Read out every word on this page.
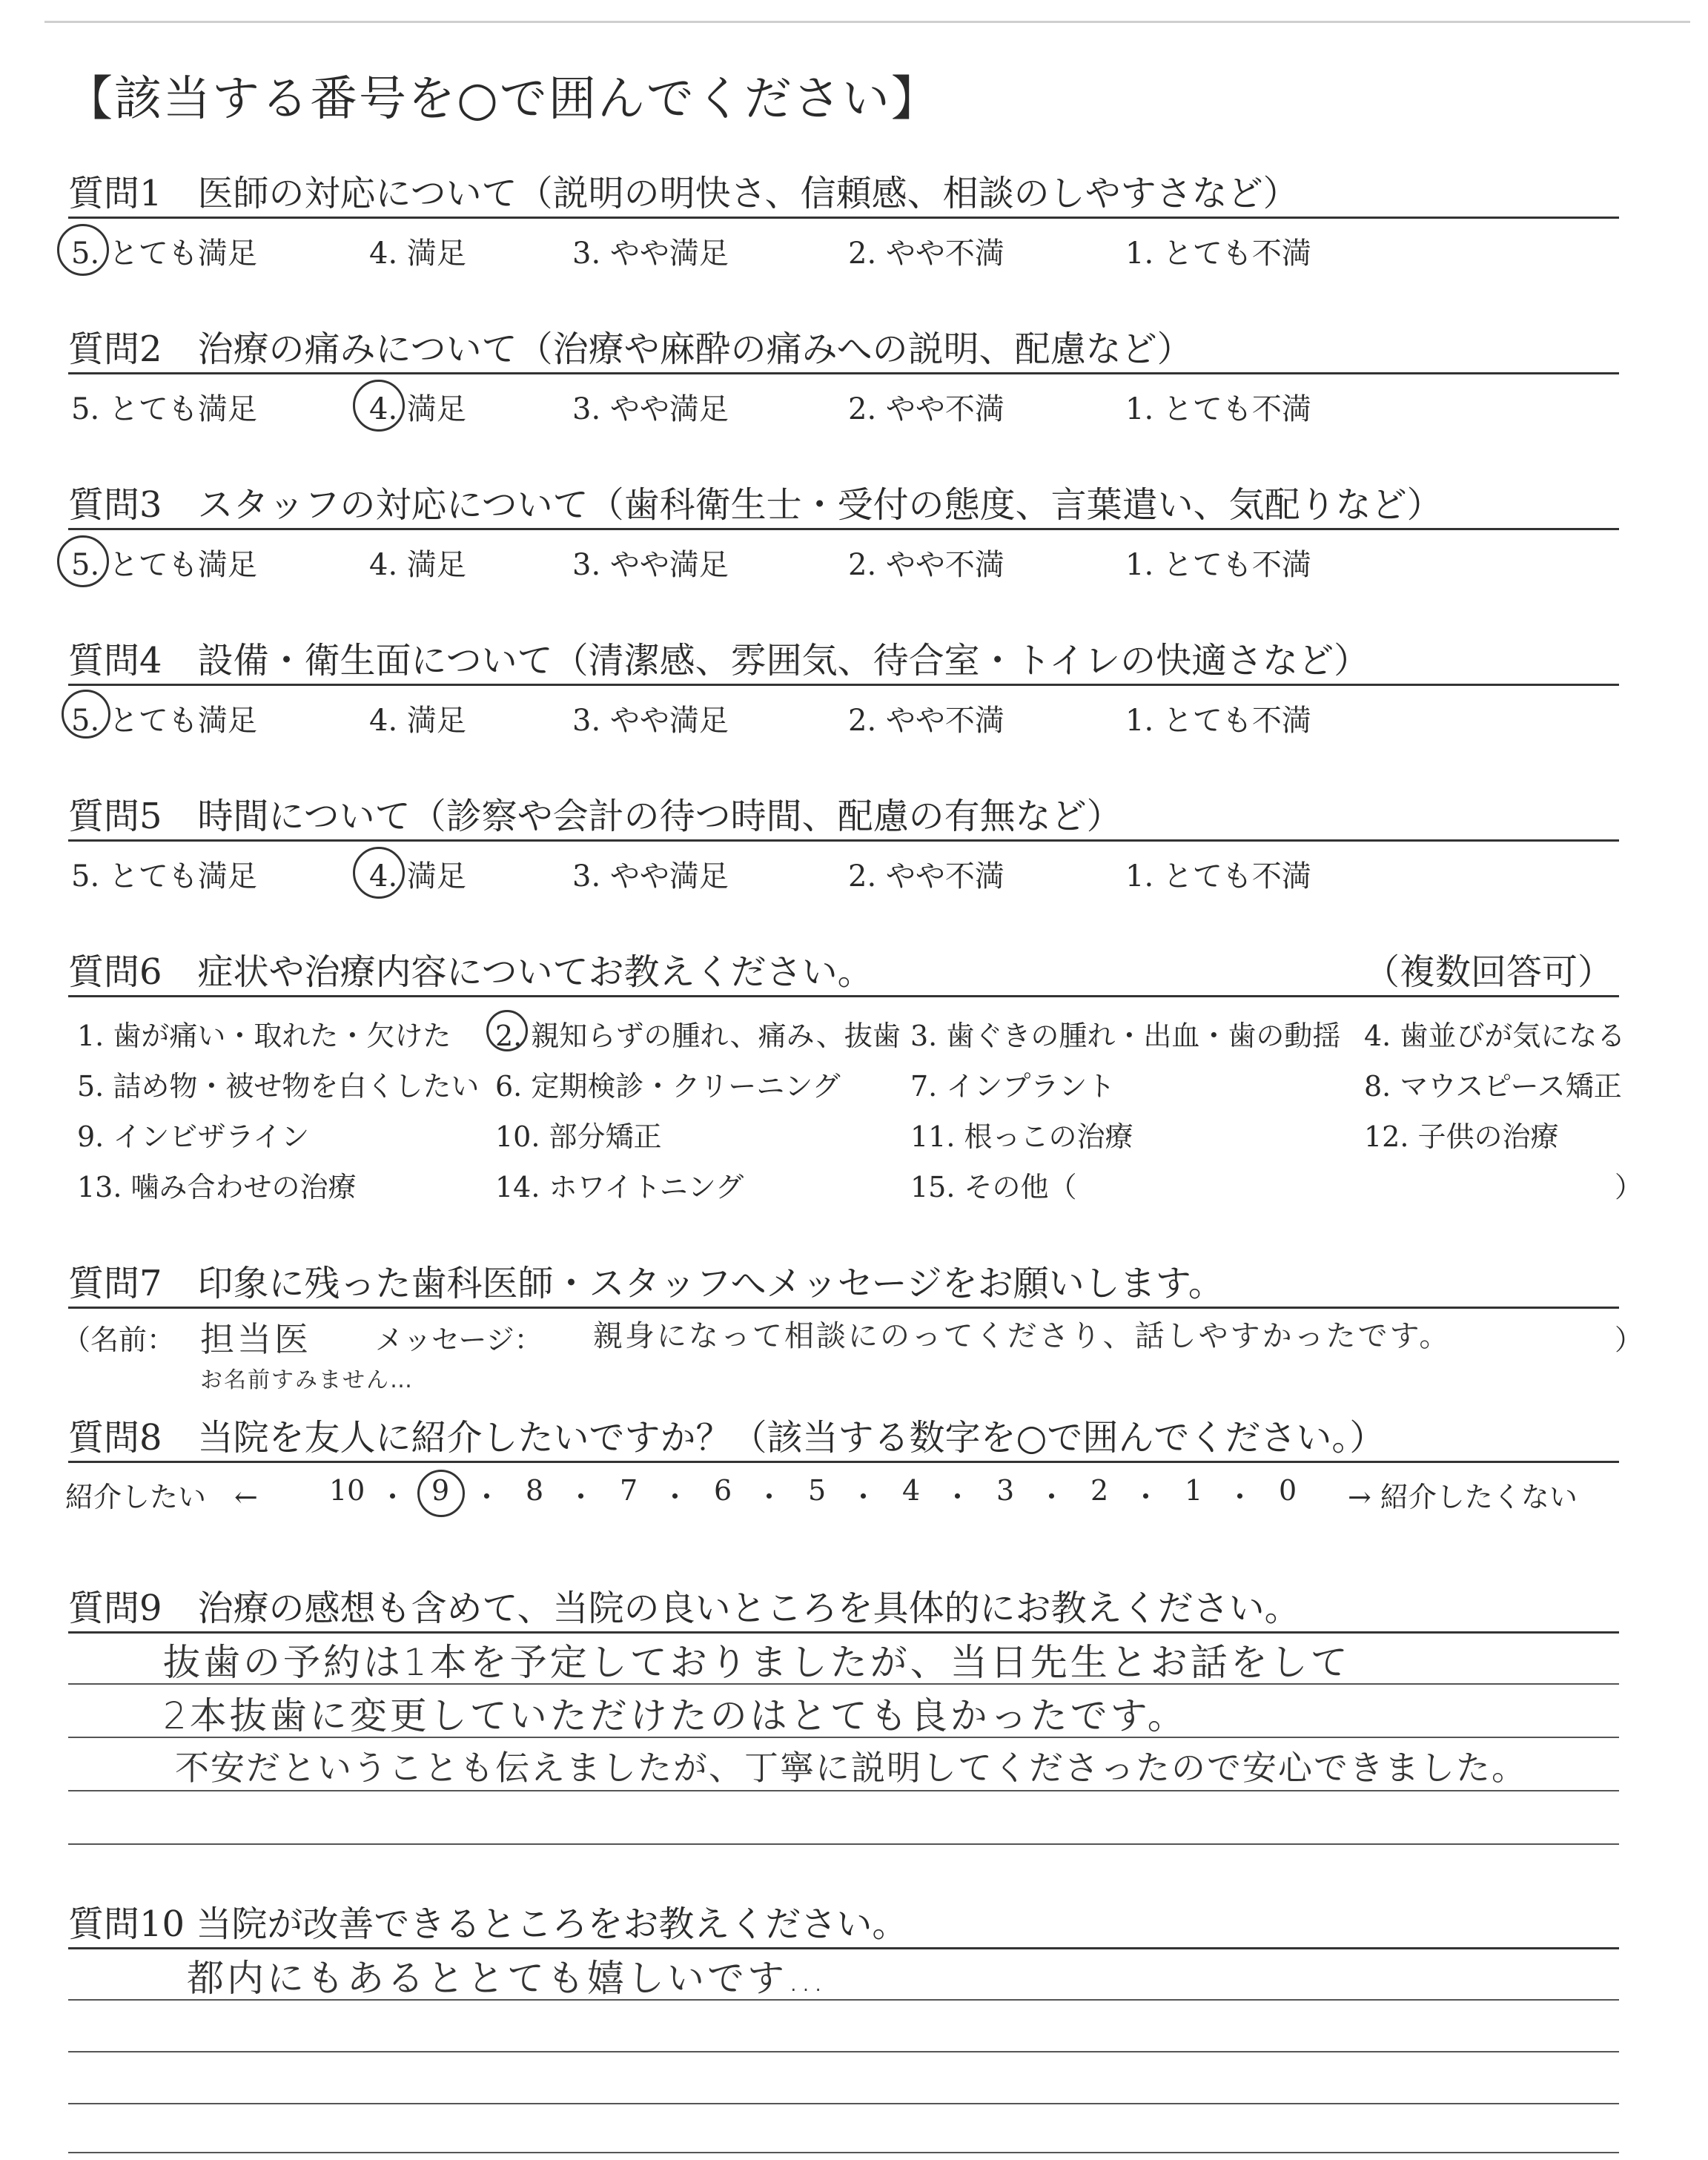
【該当する番号を○で囲んでください】
質問1　医師の対応について（説明の明快さ、信頼感、相談のしやすさなど）
5. とても満足	4. 満足	3. やや満足	2. やや不満	1. とても不満
質問2　治療の痛みについて（治療や麻酔の痛みへの説明、配慮など）
5. とても満足	4. 満足	3. やや満足	2. やや不満	1. とても不満
質問3　スタッフの対応について（歯科衛生士・受付の態度、言葉遣い、気配りなど）
5. とても満足	4. 満足	3. やや満足	2. やや不満	1. とても不満
質問4　設備・衛生面について（清潔感、雰囲気、待合室・トイレの快適さなど）
5. とても満足	4. 満足	3. やや満足	2. やや不満	1. とても不満
質問5　時間について（診察や会計の待つ時間、配慮の有無など）
5. とても満足	4. 満足	3. やや満足	2. やや不満	1. とても不満
質問6　症状や治療内容についてお教えください。	（複数回答可）
1. 歯が痛い・取れた・欠けた 2. 親知らずの腫れ、痛み、抜歯 3. 歯ぐきの腫れ・出血・歯の動揺 4. 歯並びが気になる
5. 詰め物・被せ物を白くしたい 6. 定期検診・クリーニング 7. インプラント	8. マウスピース矯正
9. インビザライン	10. 部分矯正	11. 根っこの治療	12. 子供の治療
13. 噛み合わせの治療	14. ホワイトニング	15. その他（	）
質問7　印象に残った歯科医師・スタッフへメッセージをお願いします。
（名前： 担当医 メッセージ： 親身になって相談にのってくださり、話しやすかったです。	）
お名前すみません…
質問8　当院を友人に紹介したいですか？（該当する数字を○で囲んでください。）
紹介したい　←	→ 紹介したくない
10 ・ 9 ・ 8 ・ 7 ・ 6 ・ 5 ・ 4 ・ 3 ・ 2 ・ 1 ・ 0
質問9　治療の感想も含めて、当院の良いところを具体的にお教えください。
抜歯の予約は1本を予定しておりましたが、当日先生とお話をして
2本抜歯に変更していただけたのはとても良かったです。
不安だということも伝えましたが、丁寧に説明してくださったので安心できました。
質問10 当院が改善できるところをお教えください。
都内にもあるととても嬉しいです…
